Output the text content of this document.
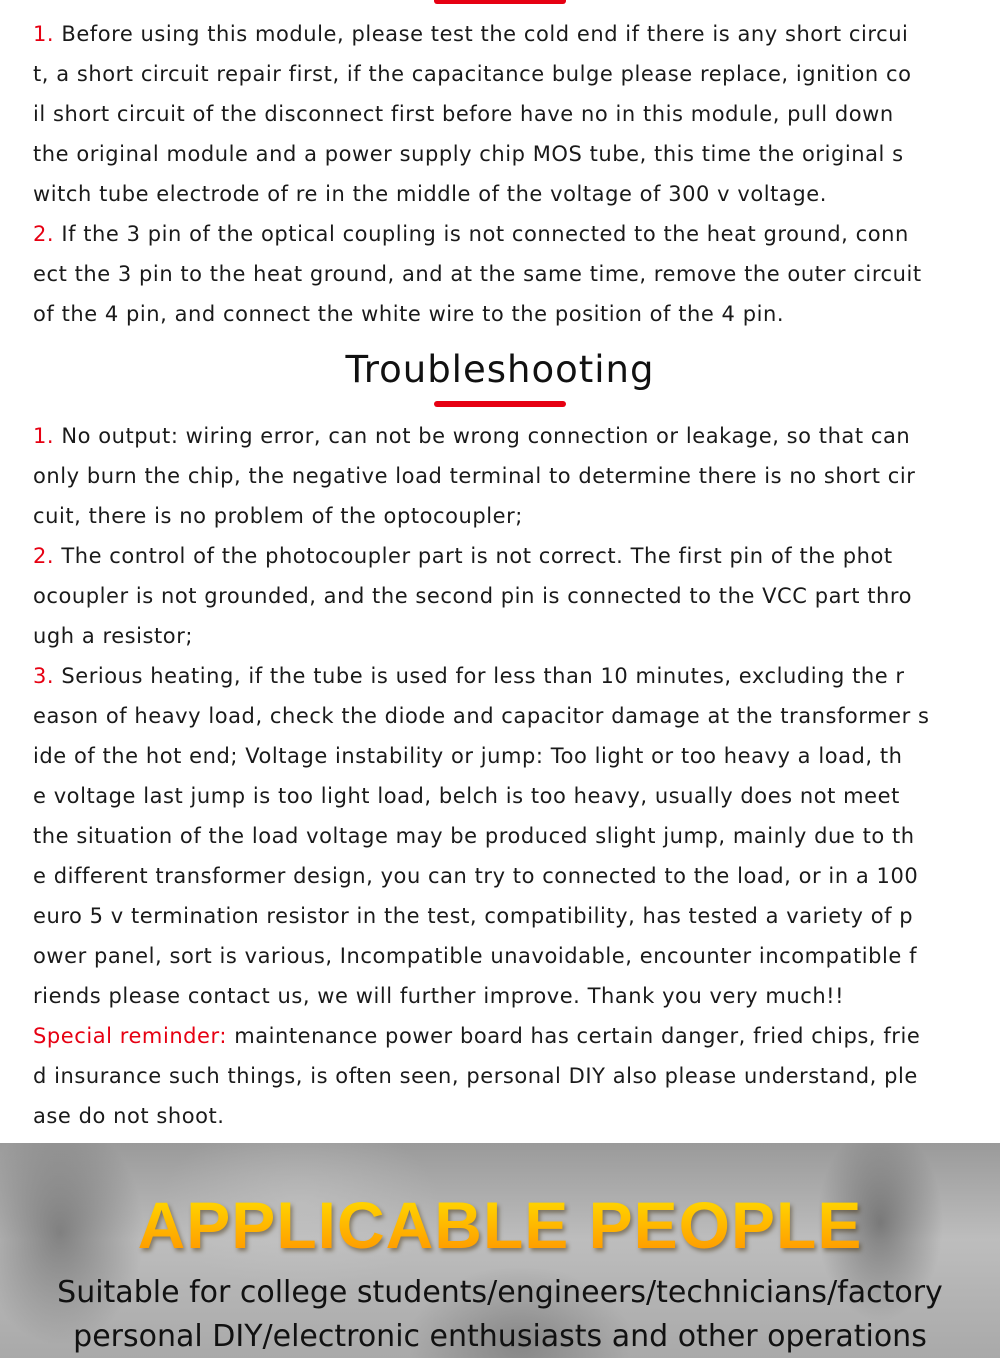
1. Before using this module, please test the cold end if there is any short circui
t, a short circuit repair first, if the capacitance bulge please replace, ignition co
il short circuit of the disconnect first before have no in this module, pull down
the original module and a power supply chip MOS tube, this time the original s
witch tube electrode of re in the middle of the voltage of 300 v voltage.
2. If the 3 pin of the optical coupling is not connected to the heat ground, conn
ect the 3 pin to the heat ground, and at the same time, remove the outer circuit
of the 4 pin, and connect the white wire to the position of the 4 pin.
Troubleshooting
1. No output: wiring error, can not be wrong connection or leakage, so that can
only burn the chip, the negative load terminal to determine there is no short cir
cuit, there is no problem of the optocoupler;
2. The control of the photocoupler part is not correct. The first pin of the phot
ocoupler is not grounded, and the second pin is connected to the VCC part thro
ugh a resistor;
3. Serious heating, if the tube is used for less than 10 minutes, excluding the r
eason of heavy load, check the diode and capacitor damage at the transformer s
ide of the hot end; Voltage instability or jump: Too light or too heavy a load, th
e voltage last jump is too light load, belch is too heavy, usually does not meet
the situation of the load voltage may be produced slight jump, mainly due to th
e different transformer design, you can try to connected to the load, or in a 100
euro 5 v termination resistor in the test, compatibility, has tested a variety of p
ower panel, sort is various, Incompatible unavoidable, encounter incompatible f
riends please contact us, we will further improve. Thank you very much!!
Special reminder: maintenance power board has certain danger, fried chips, frie
d insurance such things, is often seen, personal DIY also please understand, ple
ase do not shoot.
APPLICABLE PEOPLE
Suitable for college students/engineers/technicians/factory
personal DIY/electronic enthusiasts and other operations
